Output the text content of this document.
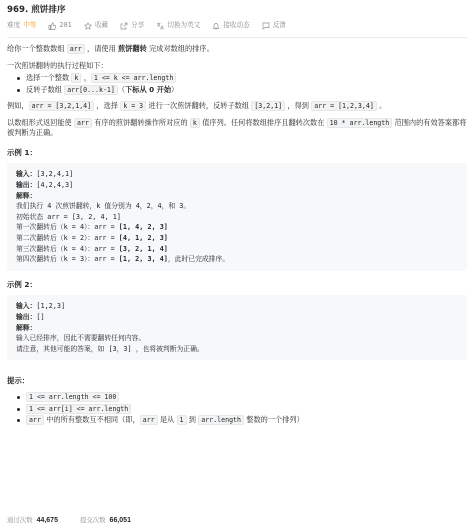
969. 煎饼排序
难度 中等	281	收藏	分享	切换为英文	接收动态	反馈

给你一个整数数组 arr ，请使用 煎饼翻转 完成对数组的排序。

一次煎饼翻转的执行过程如下：

选择一个整数 k ， 1 <= k <= arr.length
反转子数组 arr[0...k-1] （下标从 0 开始）

例如， arr = [3,2,1,4] ，选择 k = 3 进行一次煎饼翻转，反转子数组 [3,2,1] ，得到 arr = [1,2,3,4] 。

以数组形式返回能使 arr 有序的煎饼翻转操作所对应的 k 值序列。任何将数组排序且翻转次数在 10 * arr.length 范围内的有效答案都将被判断为正确。

示例 1：
输入：[3,2,4,1]
输出：[4,2,4,3]
解释：
我们执行 4 次煎饼翻转，k 值分别为 4，2，4，和 3。
初始状态 arr = [3, 2, 4, 1]
第一次翻转后（k = 4）：arr = [1, 4, 2, 3]
第二次翻转后（k = 2）：arr = [4, 1, 2, 3]
第三次翻转后（k = 4）：arr = [3, 2, 1, 4]
第四次翻转后（k = 3）：arr = [1, 2, 3, 4]，此时已完成排序。
示例 2：
输入：[1,2,3]
输出：[]
解释：
输入已经排序，因此不需要翻转任何内容。
请注意，其他可能的答案，如 [3，3] ，也将被判断为正确。
提示：
1 <= arr.length <= 100
1 <= arr[i] <= arr.length
arr 中的所有整数互不相同（即， arr 是从 1 到 arr.length 整数的一个排列）
通过次数 44,675	提交次数 66,051
